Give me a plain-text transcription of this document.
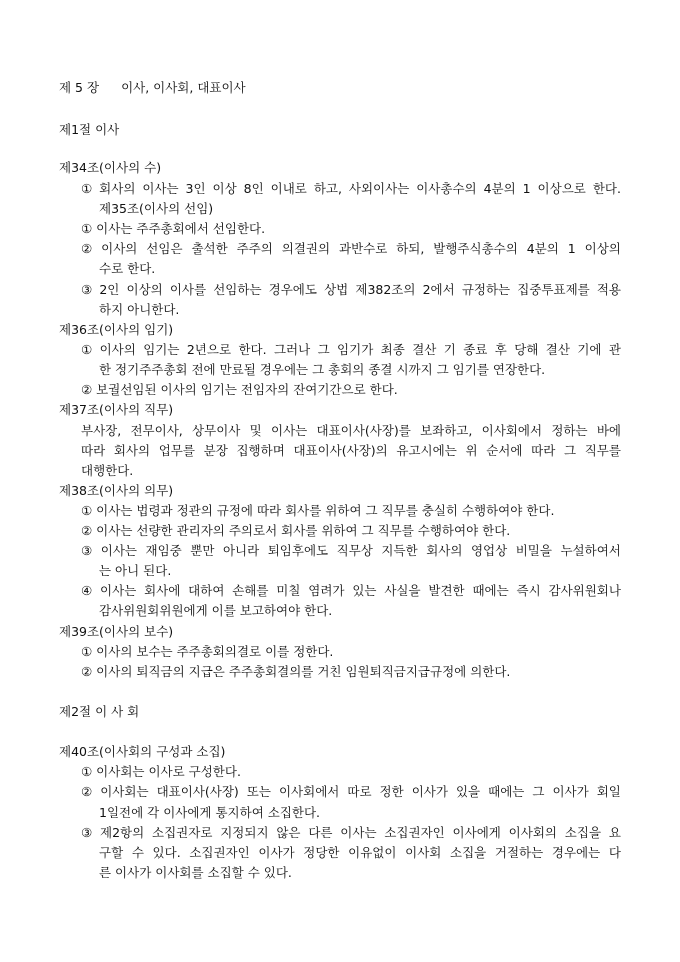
제 5 장 이사, 이사회, 대표이사
제1절 이사
제34조(이사의 수)
① 회사의 이사는 3인 이상 8인 이내로 하고, 사외이사는 이사총수의 4분의 1 이상으로 한다.
제35조(이사의 선임)
① 이사는 주주총회에서 선임한다.
② 이사의 선임은 출석한 주주의 의결권의 과반수로 하되, 발행주식총수의 4분의 1 이상의
수로 한다.
③ 2인 이상의 이사를 선임하는 경우에도 상법 제382조의 2에서 규정하는 집중투표제를 적용
하지 아니한다.
제36조(이사의 임기)
① 이사의 임기는 2년으로 한다. 그러나 그 임기가 최종 결산 기 종료 후 당해 결산 기에 관
한 정기주주총회 전에 만료될 경우에는 그 총회의 종결 시까지 그 임기를 연장한다.
② 보궐선임된 이사의 임기는 전임자의 잔여기간으로 한다.
제37조(이사의 직무)
부사장, 전무이사, 상무이사 및 이사는 대표이사(사장)를 보좌하고, 이사회에서 정하는 바에
따라 회사의 업무를 분장 집행하며 대표이사(사장)의 유고시에는 위 순서에 따라 그 직무를
대행한다.
제38조(이사의 의무)
① 이사는 법령과 정관의 규정에 따라 회사를 위하여 그 직무를 충실히 수행하여야 한다.
② 이사는 선량한 관리자의 주의로서 회사를 위하여 그 직무를 수행하여야 한다.
③ 이사는 재임중 뿐만 아니라 퇴임후에도 직무상 지득한 회사의 영업상 비밀을 누설하여서
는 아니 된다.
④ 이사는 회사에 대하여 손해를 미칠 염려가 있는 사실을 발견한 때에는 즉시 감사위원회나
감사위원회위원에게 이를 보고하여야 한다.
제39조(이사의 보수)
① 이사의 보수는 주주총회의결로 이를 정한다.
② 이사의 퇴직금의 지급은 주주총회결의를 거친 임원퇴직금지급규정에 의한다.
제2절 이 사 회
제40조(이사회의 구성과 소집)
① 이사회는 이사로 구성한다.
② 이사회는 대표이사(사장) 또는 이사회에서 따로 정한 이사가 있을 때에는 그 이사가 회일
1일전에 각 이사에게 통지하여 소집한다.
③ 제2항의 소집권자로 지정되지 않은 다른 이사는 소집권자인 이사에게 이사회의 소집을 요
구할 수 있다. 소집권자인 이사가 정당한 이유없이 이사회 소집을 거절하는 경우에는 다
른 이사가 이사회를 소집할 수 있다.
